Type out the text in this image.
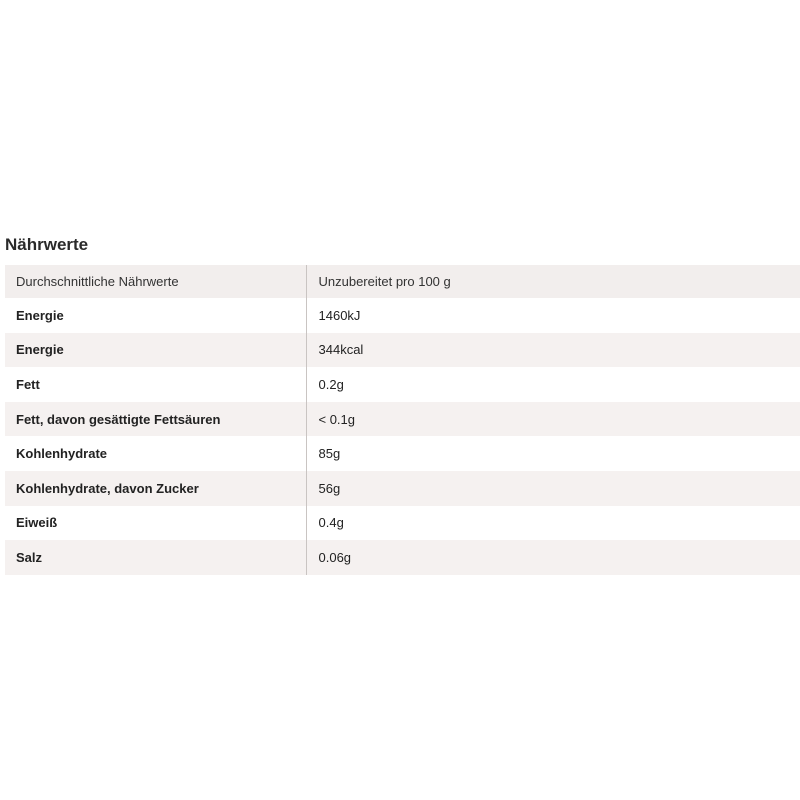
Nährwerte
Durchschnittliche Nährwerte	Unzubereitet pro 100 g
Energie	1460kJ
Energie	344kcal
Fett	0.2g
Fett, davon gesättigte Fettsäuren	< 0.1g
Kohlenhydrate	85g
Kohlenhydrate, davon Zucker	56g
Eiweiß	0.4g
Salz	0.06g
